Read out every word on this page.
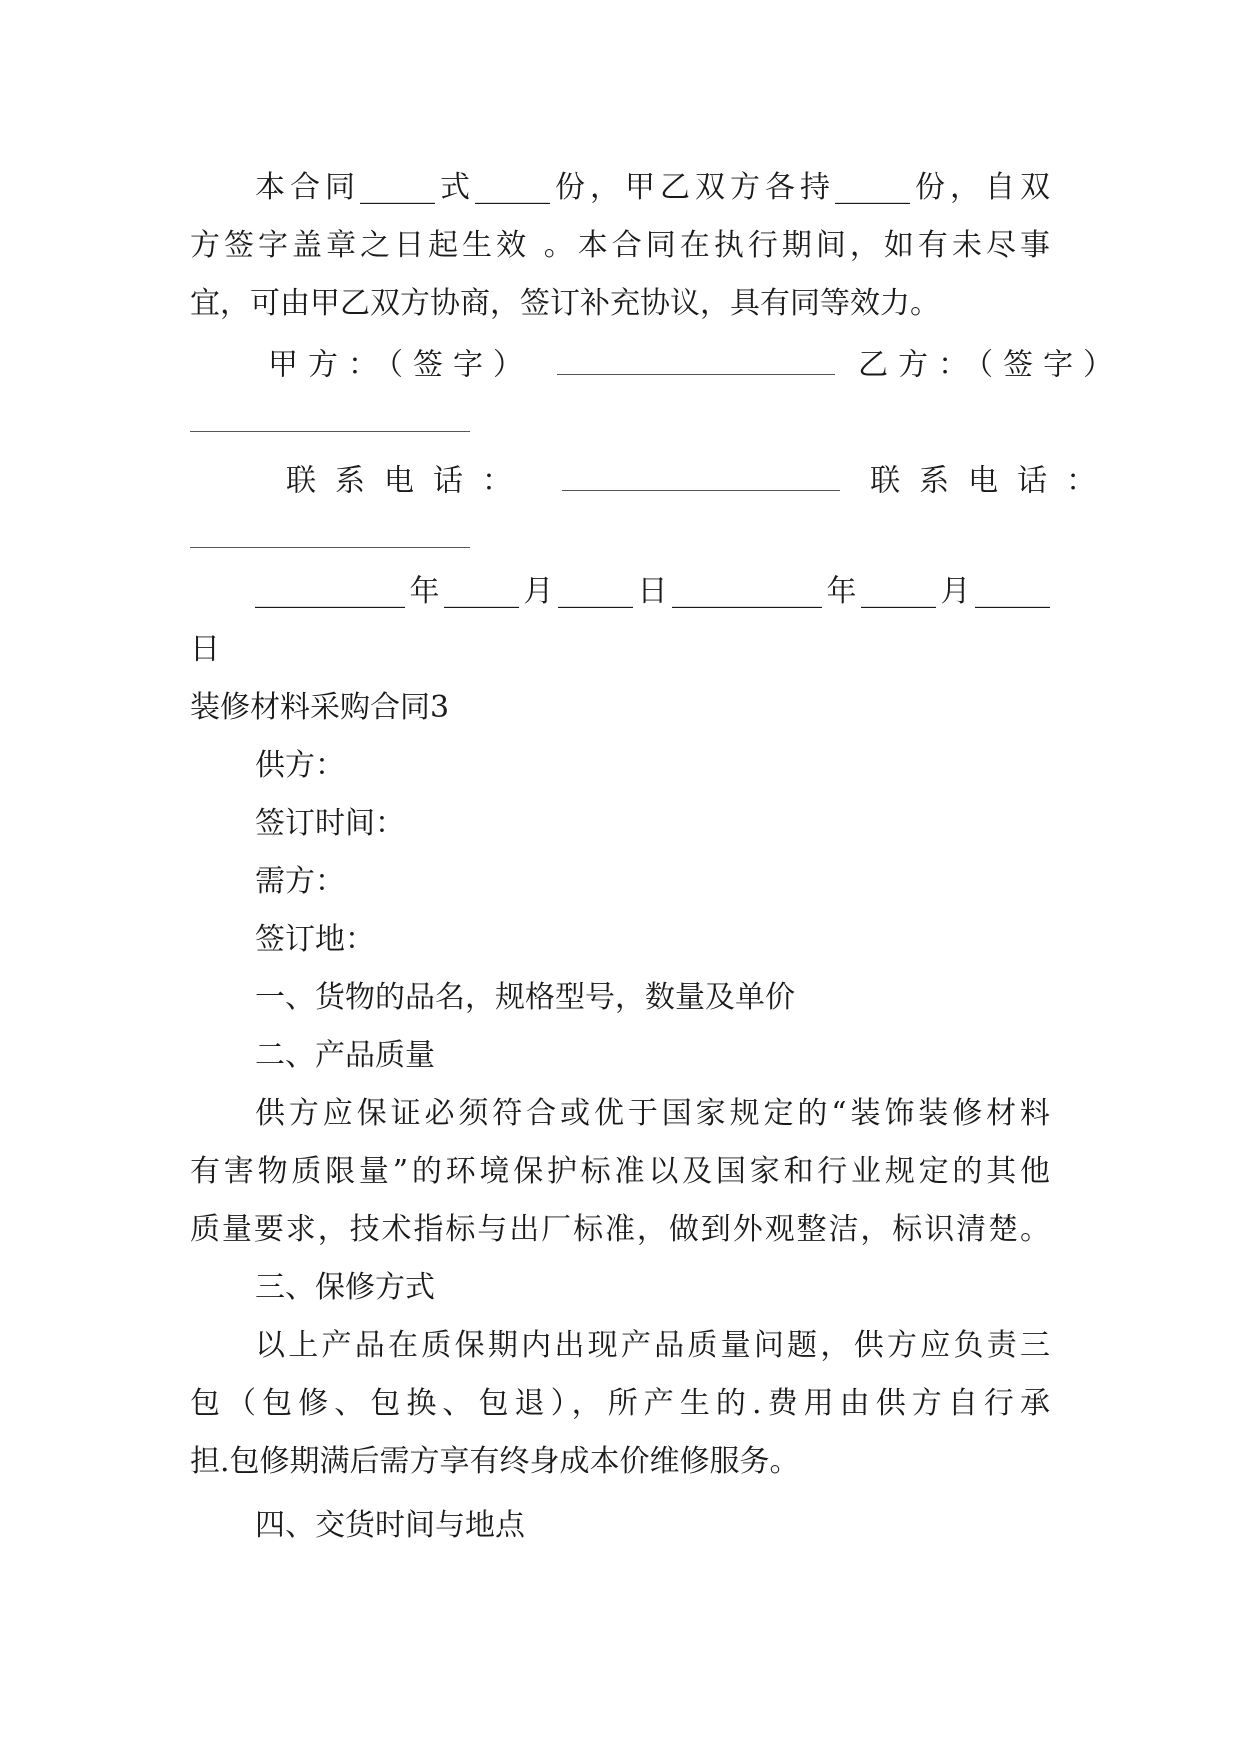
本合同_____式_____份，甲乙双方各持_____份，自双
方签字盖章之日起生效 。本合同在执行期间，如有未尽事
宜，可由甲乙双方协商，签订补充协议，具有同等效力。
甲方：（签字）	乙方：（签字）
联系电话：	联系电话：
__________年_____月_____日__________年_____月_____
日
装修材料采购合同3
供方：
签订时间：
需方：
签订地：
一、货物的品名，规格型号，数量及单价
二、产品质量
供方应保证必须符合或优于国家规定的“装饰装修材料
有害物质限量”的环境保护标准以及国家和行业规定的其他
质量要求，技术指标与出厂标准，做到外观整洁，标识清楚。
三、保修方式
以上产品在质保期内出现产品质量问题，供方应负责三
包（包修、包换、包退），所产生的.费用由供方自行承
担.包修期满后需方享有终身成本价维修服务。
四、交货时间与地点
